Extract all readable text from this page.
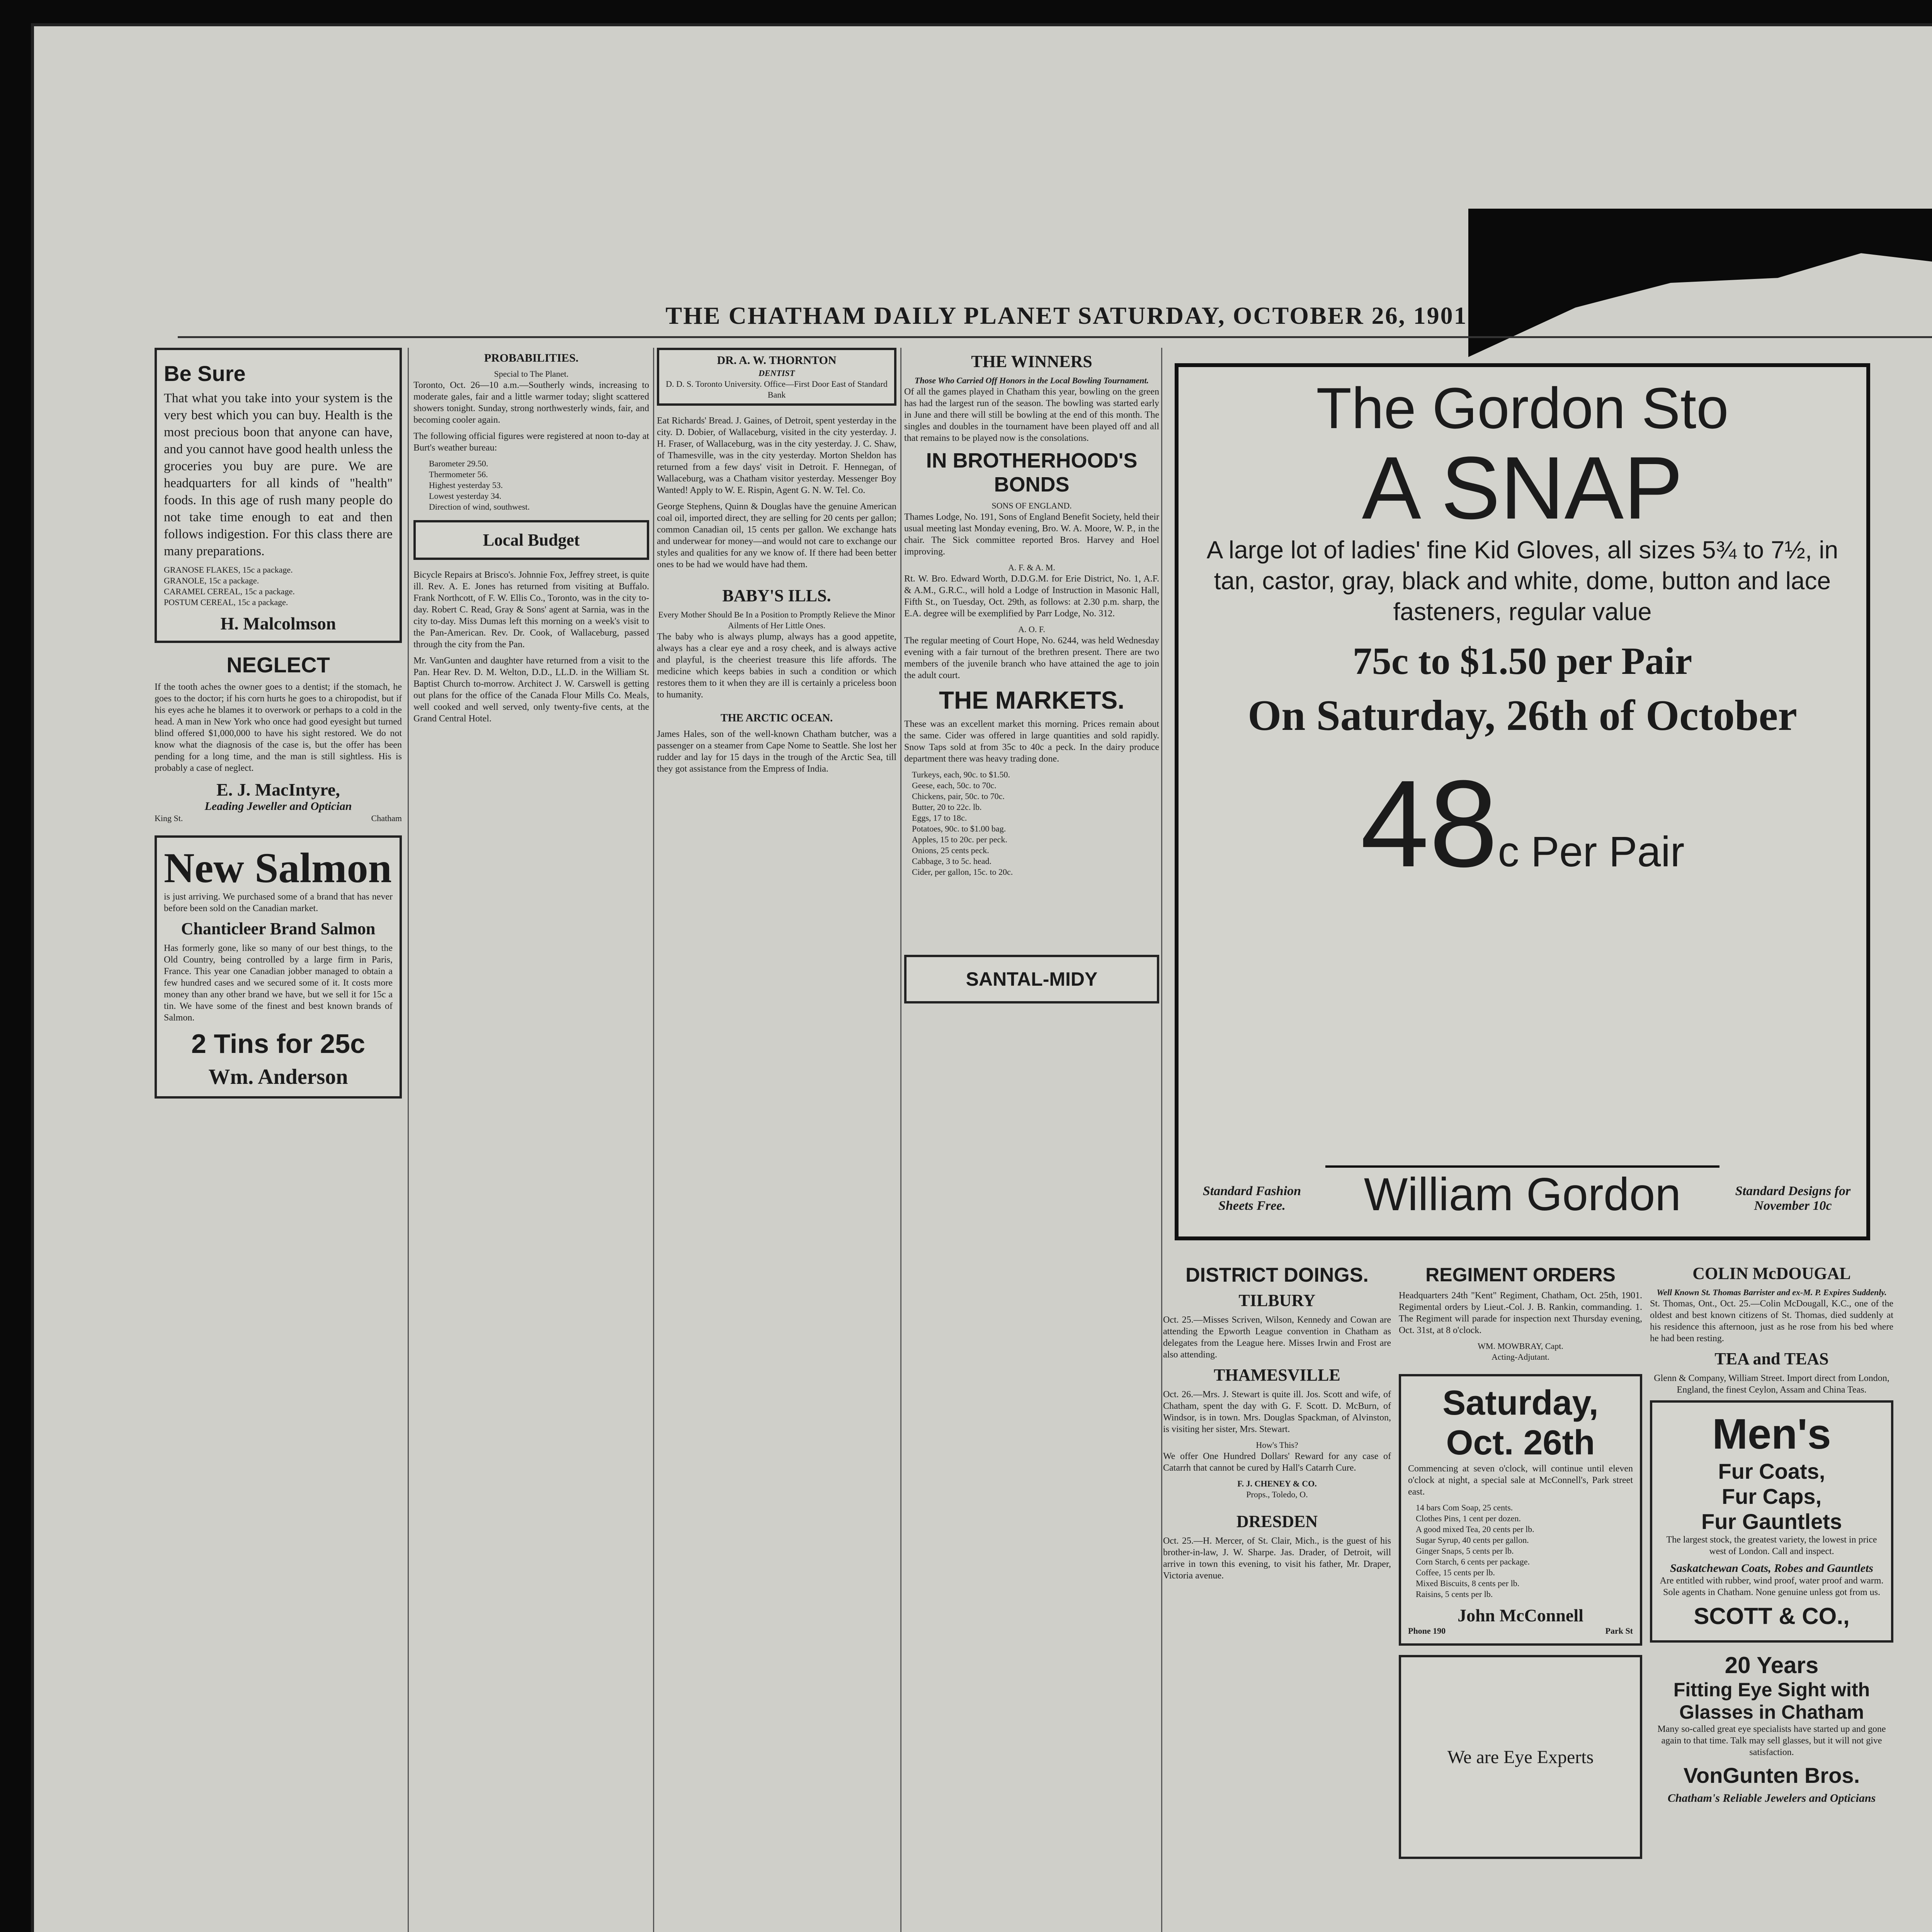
THE CHATHAM DAILY PLANET SATURDAY, OCTOBER 26, 1901

Be Sure

That what you take into your system is the very best which you can buy. Health is the most precious boon that anyone can have, and you cannot have good health unless the groceries you buy are pure. We are headquarters for all kinds of "health" foods. In this age of rush many people do not take time enough to eat and then follows indigestion. For this class there are many preparations.

GRANOSE FLAKES, 15c a package.
GRANOLE, 15c a package.
CARAMEL CEREAL, 15c a package.
POSTUM CEREAL, 15c a package.
H. Malcolmson
NEGLECT

If the tooth aches the owner goes to a dentist; if the stomach, he goes to the doctor; if his corn hurts he goes to a chiropodist, but if his eyes ache he blames it to overwork or perhaps to a cold in the head. A man in New York who once had good eyesight but turned blind offered $1,000,000 to have his sight restored. We do not know what the diagnosis of the case is, but the offer has been pending for a long time, and the man is still sightless. His is probably a case of neglect.

E. J. MacIntyre,
Leading Jeweller and Optician
King St.	Chatham
New Salmon

is just arriving. We purchased some of a brand that has never before been sold on the Canadian market.

Chanticleer Brand Salmon

Has formerly gone, like so many of our best things, to the Old Country, being controlled by a large firm in Paris, France. This year one Canadian jobber managed to obtain a few hundred cases and we secured some of it. It costs more money than any other brand we have, but we sell it for 15c a tin. We have some of the finest and best known brands of Salmon.

2 Tins for 25c
Wm. Anderson
PROBABILITIES.
Special to The Planet.

Toronto, Oct. 26—10 a.m.—Southerly winds, increasing to moderate gales, fair and a little warmer today; slight scattered showers tonight. Sunday, strong northwesterly winds, fair, and becoming cooler again.

The following official figures were registered at noon to-day at Burt's weather bureau:

Barometer 29.50.
Thermometer 56.
Highest yesterday 53.
Lowest yesterday 34.
Direction of wind, southwest.
Local Budget

Bicycle Repairs at Brisco's. Johnnie Fox, Jeffrey street, is quite ill. Rev. A. E. Jones has returned from visiting at Buffalo. Frank Northcott, of F. W. Ellis Co., Toronto, was in the city to-day. Robert C. Read, Gray & Sons' agent at Sarnia, was in the city to-day. Miss Dumas left this morning on a week's visit to the Pan-American. Rev. Dr. Cook, of Wallaceburg, passed through the city from the Pan.

Mr. VanGunten and daughter have returned from a visit to the Pan. Hear Rev. D. M. Welton, D.D., LL.D. in the William St. Baptist Church to-morrow. Architect J. W. Carswell is getting out plans for the office of the Canada Flour Mills Co. Meals, well cooked and well served, only twenty-five cents, at the Grand Central Hotel.

DR. A. W. THORNTON
DENTIST
D. D. S. Toronto University. Office—First Door East of Standard Bank

Eat Richards' Bread. J. Gaines, of Detroit, spent yesterday in the city. D. Dobier, of Wallaceburg, visited in the city yesterday. J. H. Fraser, of Wallaceburg, was in the city yesterday. J. C. Shaw, of Thamesville, was in the city yesterday. Morton Sheldon has returned from a few days' visit in Detroit. F. Hennegan, of Wallaceburg, was a Chatham visitor yesterday. Messenger Boy Wanted! Apply to W. E. Rispin, Agent G. N. W. Tel. Co.

George Stephens, Quinn & Douglas have the genuine American coal oil, imported direct, they are selling for 20 cents per gallon; common Canadian oil, 15 cents per gallon. We exchange hats and underwear for money—and would not care to exchange our styles and qualities for any we know of. If there had been better ones to be had we would have had them.

BABY'S ILLS.
Every Mother Should Be In a Position to Promptly Relieve the Minor Ailments of Her Little Ones.

The baby who is always plump, always has a good appetite, always has a clear eye and a rosy cheek, and is always active and playful, is the cheeriest treasure this life affords. The medicine which keeps babies in such a condition or which restores them to it when they are ill is certainly a priceless boon to humanity.

THE ARCTIC OCEAN.

James Hales, son of the well-known Chatham butcher, was a passenger on a steamer from Cape Nome to Seattle. She lost her rudder and lay for 15 days in the trough of the Arctic Sea, till they got assistance from the Empress of India.

THE WINNERS
Those Who Carried Off Honors in the Local Bowling Tournament.

Of all the games played in Chatham this year, bowling on the green has had the largest run of the season. The bowling was started early in June and there will still be bowling at the end of this month. The singles and doubles in the tournament have been played off and all that remains to be played now is the consolations.

IN BROTHERHOOD'S BONDS
SONS OF ENGLAND.

Thames Lodge, No. 191, Sons of England Benefit Society, held their usual meeting last Monday evening, Bro. W. A. Moore, W. P., in the chair. The Sick committee reported Bros. Harvey and Hoel improving.

A. F. & A. M.

Rt. W. Bro. Edward Worth, D.D.G.M. for Erie District, No. 1, A.F. & A.M., G.R.C., will hold a Lodge of Instruction in Masonic Hall, Fifth St., on Tuesday, Oct. 29th, as follows: at 2.30 p.m. sharp, the E.A. degree will be exemplified by Parr Lodge, No. 312.

A. O. F.

The regular meeting of Court Hope, No. 6244, was held Wednesday evening with a fair turnout of the brethren present. There are two members of the juvenile branch who have attained the age to join the adult court.

THE MARKETS.

These was an excellent market this morning. Prices remain about the same. Cider was offered in large quantities and sold rapidly. Snow Taps sold at from 35c to 40c a peck. In the dairy produce department there was heavy trading done.

Turkeys, each, 90c. to $1.50.
Geese, each, 50c. to 70c.
Chickens, pair, 50c. to 70c.
Butter, 20 to 22c. lb.
Eggs, 17 to 18c.
Potatoes, 90c. to $1.00 bag.
Apples, 15 to 20c. per peck.
Onions, 25 cents peck.
Cabbage, 3 to 5c. head.
Cider, per gallon, 15c. to 20c.
SANTAL-MIDY
The Gordon Sto
A SNAP
A large lot of ladies' fine Kid Gloves, all sizes 5¾ to 7½, in tan, castor, gray, black and white, dome, button and lace fasteners, regular value
75c to $1.50 per Pair
On Saturday, 26th of October
48c Per Pair
Standard Fashion Sheets Free.	William Gordon	Standard Designs for November 10c
DISTRICT DOINGS.
TILBURY

Oct. 25.—Misses Scriven, Wilson, Kennedy and Cowan are attending the Epworth League convention in Chatham as delegates from the League here. Misses Irwin and Frost are also attending.

THAMESVILLE

Oct. 26.—Mrs. J. Stewart is quite ill. Jos. Scott and wife, of Chatham, spent the day with G. F. Scott. D. McBurn, of Windsor, is in town. Mrs. Douglas Spackman, of Alvinston, is visiting her sister, Mrs. Stewart.

How's This?

We offer One Hundred Dollars' Reward for any case of Catarrh that cannot be cured by Hall's Catarrh Cure.

F. J. CHENEY & CO.
Props., Toledo, O.
DRESDEN

Oct. 25.—H. Mercer, of St. Clair, Mich., is the guest of his brother-in-law, J. W. Sharpe. Jas. Drader, of Detroit, will arrive in town this evening, to visit his father, Mr. Draper, Victoria avenue.

REGIMENT ORDERS

Headquarters 24th "Kent" Regiment, Chatham, Oct. 25th, 1901. Regimental orders by Lieut.-Col. J. B. Rankin, commanding. 1. The Regiment will parade for inspection next Thursday evening, Oct. 31st, at 8 o'clock.

WM. MOWBRAY, Capt.
Acting-Adjutant.
Saturday,
Oct. 26th

Commencing at seven o'clock, will continue until eleven o'clock at night, a special sale at McConnell's, Park street east.

14 bars Com Soap, 25 cents.
Clothes Pins, 1 cent per dozen.
A good mixed Tea, 20 cents per lb.
Sugar Syrup, 40 cents per gallon.
Ginger Snaps, 5 cents per lb.
Corn Starch, 6 cents per package.
Coffee, 15 cents per lb.
Mixed Biscuits, 8 cents per lb.
Raisins, 5 cents per lb.
John McConnell
Phone 190	Park St
We are Eye Experts
COLIN McDOUGAL
Well Known St. Thomas Barrister and ex-M. P. Expires Suddenly.

St. Thomas, Ont., Oct. 25.—Colin McDougall, K.C., one of the oldest and best known citizens of St. Thomas, died suddenly at his residence this afternoon, just as he rose from his bed where he had been resting.

TEA and TEAS

Glenn & Company, William Street. Import direct from London, England, the finest Ceylon, Assam and China Teas.

Men's
Fur Coats,
Fur Caps,
Fur Gauntlets

The largest stock, the greatest variety, the lowest in price west of London. Call and inspect.

Saskatchewan Coats, Robes and Gauntlets

Are entitled with rubber, wind proof, water proof and warm. Sole agents in Chatham. None genuine unless got from us.

SCOTT & CO.,
20 Years
Fitting Eye Sight with Glasses in Chatham

Many so-called great eye specialists have started up and gone again to that time. Talk may sell glasses, but it will not give satisfaction.

VonGunten Bros.
Chatham's Reliable Jewelers and Opticians
